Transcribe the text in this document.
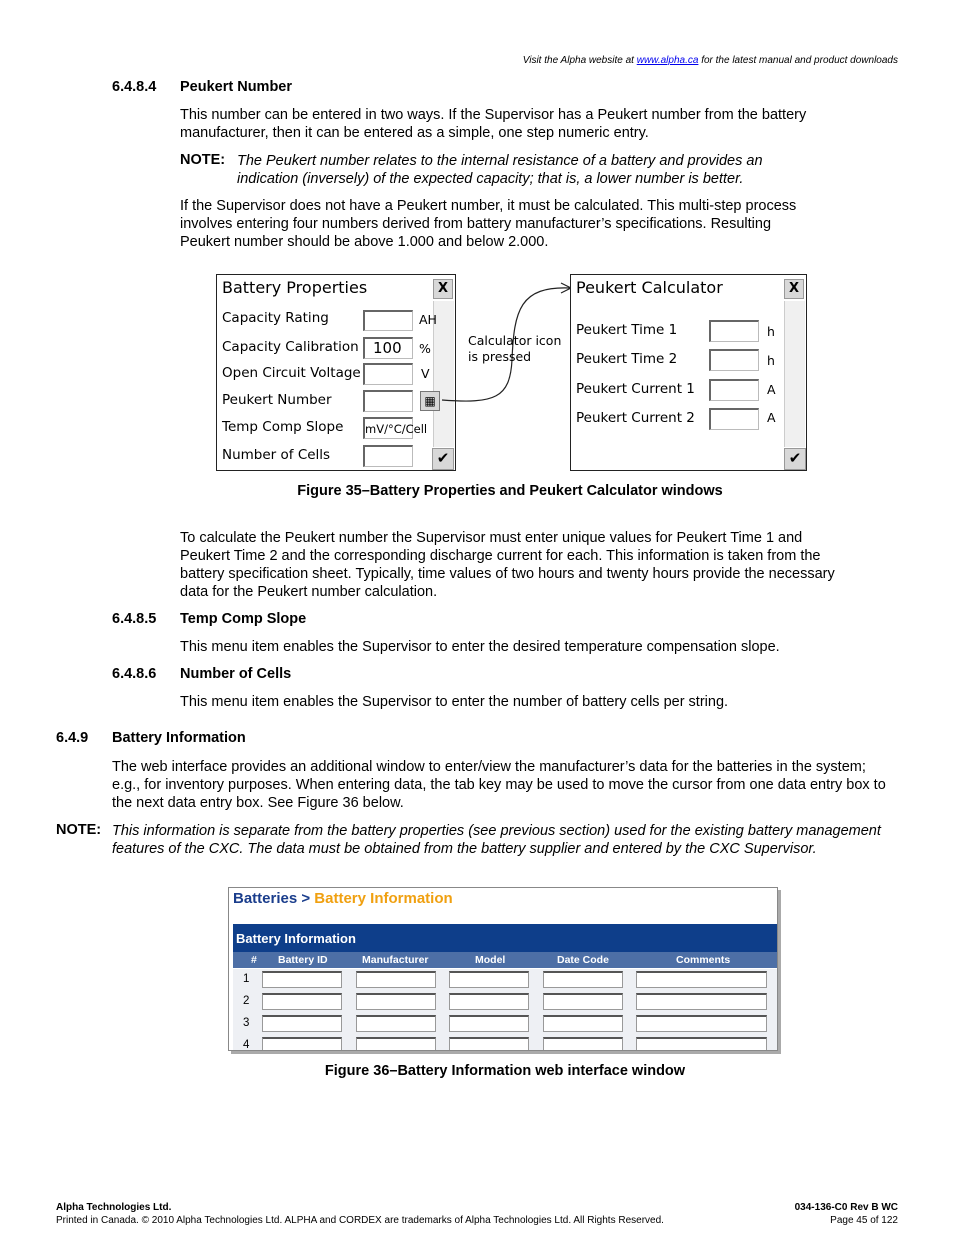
Visit the Alpha website at www.alpha.ca for the latest manual and product downloads
6.4.8.4 Peukert Number
This number can be entered in two ways. If the Supervisor has a Peukert number from the battery manufacturer, then it can be entered as a simple, one step numeric entry.
NOTE: The Peukert number relates to the internal resistance of a battery and provides an indication (inversely) of the expected capacity; that is, a lower number is better.
If the Supervisor does not have a Peukert number, it must be calculated. This multi-step process involves entering four numbers derived from battery manufacturer’s specifications. Resulting Peukert number should be above 1.000 and below 2.000.
Battery Properties	X
Capacity Rating	AH
Capacity Calibration 100	%
Open Circuit Voltage	V
Peukert Number	▦
Temp Comp Slope mV/°C/Cell
Number of Cells	✔
Calculator icon
is pressed
Peukert Calculator	X
Peukert Time 1	h
Peukert Time 2	h
Peukert Current 1	A
Peukert Current 2	A
✔
Figure 35–Battery Properties and Peukert Calculator windows
To calculate the Peukert number the Supervisor must enter unique values for Peukert Time 1 and Peukert Time 2 and the corresponding discharge current for each. This information is taken from the battery specification sheet. Typically, time values of two hours and twenty hours provide the necessary data for the Peukert number calculation.
6.4.8.5 Temp Comp Slope
This menu item enables the Supervisor to enter the desired temperature compensation slope.
6.4.8.6 Number of Cells
This menu item enables the Supervisor to enter the number of battery cells per string.
6.4.9 Battery Information
The web interface provides an additional window to enter/view the manufacturer’s data for the batteries in the system; e.g., for inventory purposes. When entering data, the tab key may be used to move the cursor from one data entry box to the next data entry box. See Figure 36 below.
NOTE: This information is separate from the battery properties (see previous section) used for the existing battery management features of the CXC. The data must be obtained from the battery supplier and entered by the CXC Supervisor.
Batteries > Battery Information
Battery Information
# Battery ID	Manufacturer	Model	Date Code	Comments
1
2
3
4
Figure 36–Battery Information web interface window
Alpha Technologies Ltd.
Printed in Canada. © 2010 Alpha Technologies Ltd. ALPHA and CORDEX are trademarks of Alpha Technologies Ltd. All Rights Reserved.
034-136-C0 Rev B WC
Page 45 of 122
